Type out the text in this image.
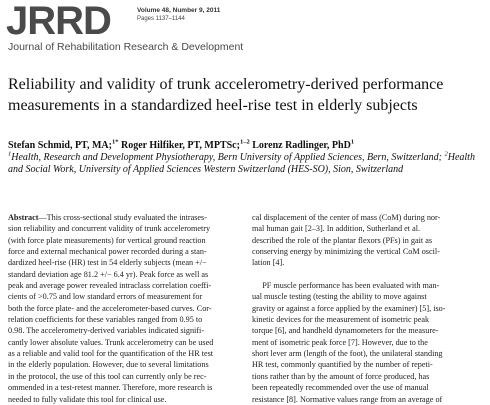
JRRD	Volume 48, Number 9, 2011
Pages 1137–1144
Journal of Rehabilitation Research & Development
Reliability and validity of trunk accelerometry-derived performance
measurements in a standardized heel-rise test in elderly subjects
Stefan Schmid, PT, MA;$^{1*}$ Roger Hilfiker, PT, MPTSc;$^{1-2}$ Lorenz Radlinger, PhD$^1$
$^1$Health, Research and Development Physiotherapy, Bern University of Applied Sciences, Bern, Switzerland; $^2$Health
and Social Work, University of Applied Sciences Western Switzerland (HES-SO), Sion, Switzerland
Abstract—This cross-sectional study evaluated the intrases-
sion reliability and concurrent validity of trunk accelerometry
(with force plate measurements) for vertical ground reaction
force and external mechanical power recorded during a stan-
dardized heel-rise (HR) test in 54 elderly subjects (mean +/−
standard deviation age 81.2 +/− 6.4 yr). Peak force as well as
peak and average power revealed intraclass correlation coeffi-
cients of >0.75 and low standard errors of measurement for
both the force plate- and the accelerometer-based curves. Cor-
relation coefficients for these variables ranged from 0.95 to
0.98. The accelerometry-derived variables indicated signifi-
cantly lower absolute values. Trunk accelerometry can be used
as a reliable and valid tool for the quantification of the HR test
in the elderly population. However, due to several limitations
in the protocol, the use of this tool can currently only be rec-
ommended in a test-retest manner. Therefore, more research is
needed to fully validate this tool for clinical use.
cal displacement of the center of mass (CoM) during nor-
mal human gait [2–3]. In addition, Sutherland et al.
described the role of the plantar flexors (PFs) in gait as
conserving energy by minimizing the vertical CoM oscil-
lation [4].

PF muscle performance has been evaluated with man-
ual muscle testing (testing the ability to move against
gravity or against a force applied by the examiner) [5], iso-
kinetic devices for the measurement of isometric peak
torque [6], and handheld dynamometers for the measure-
ment of isometric peak force [7]. However, due to the
short lever arm (length of the foot), the unilateral standing
HR test, commonly quantified by the number of repeti-
tions rather than by the amount of force produced, has
been repeatedly recommended over the use of manual
resistance [8]. Normative values range from an average of
